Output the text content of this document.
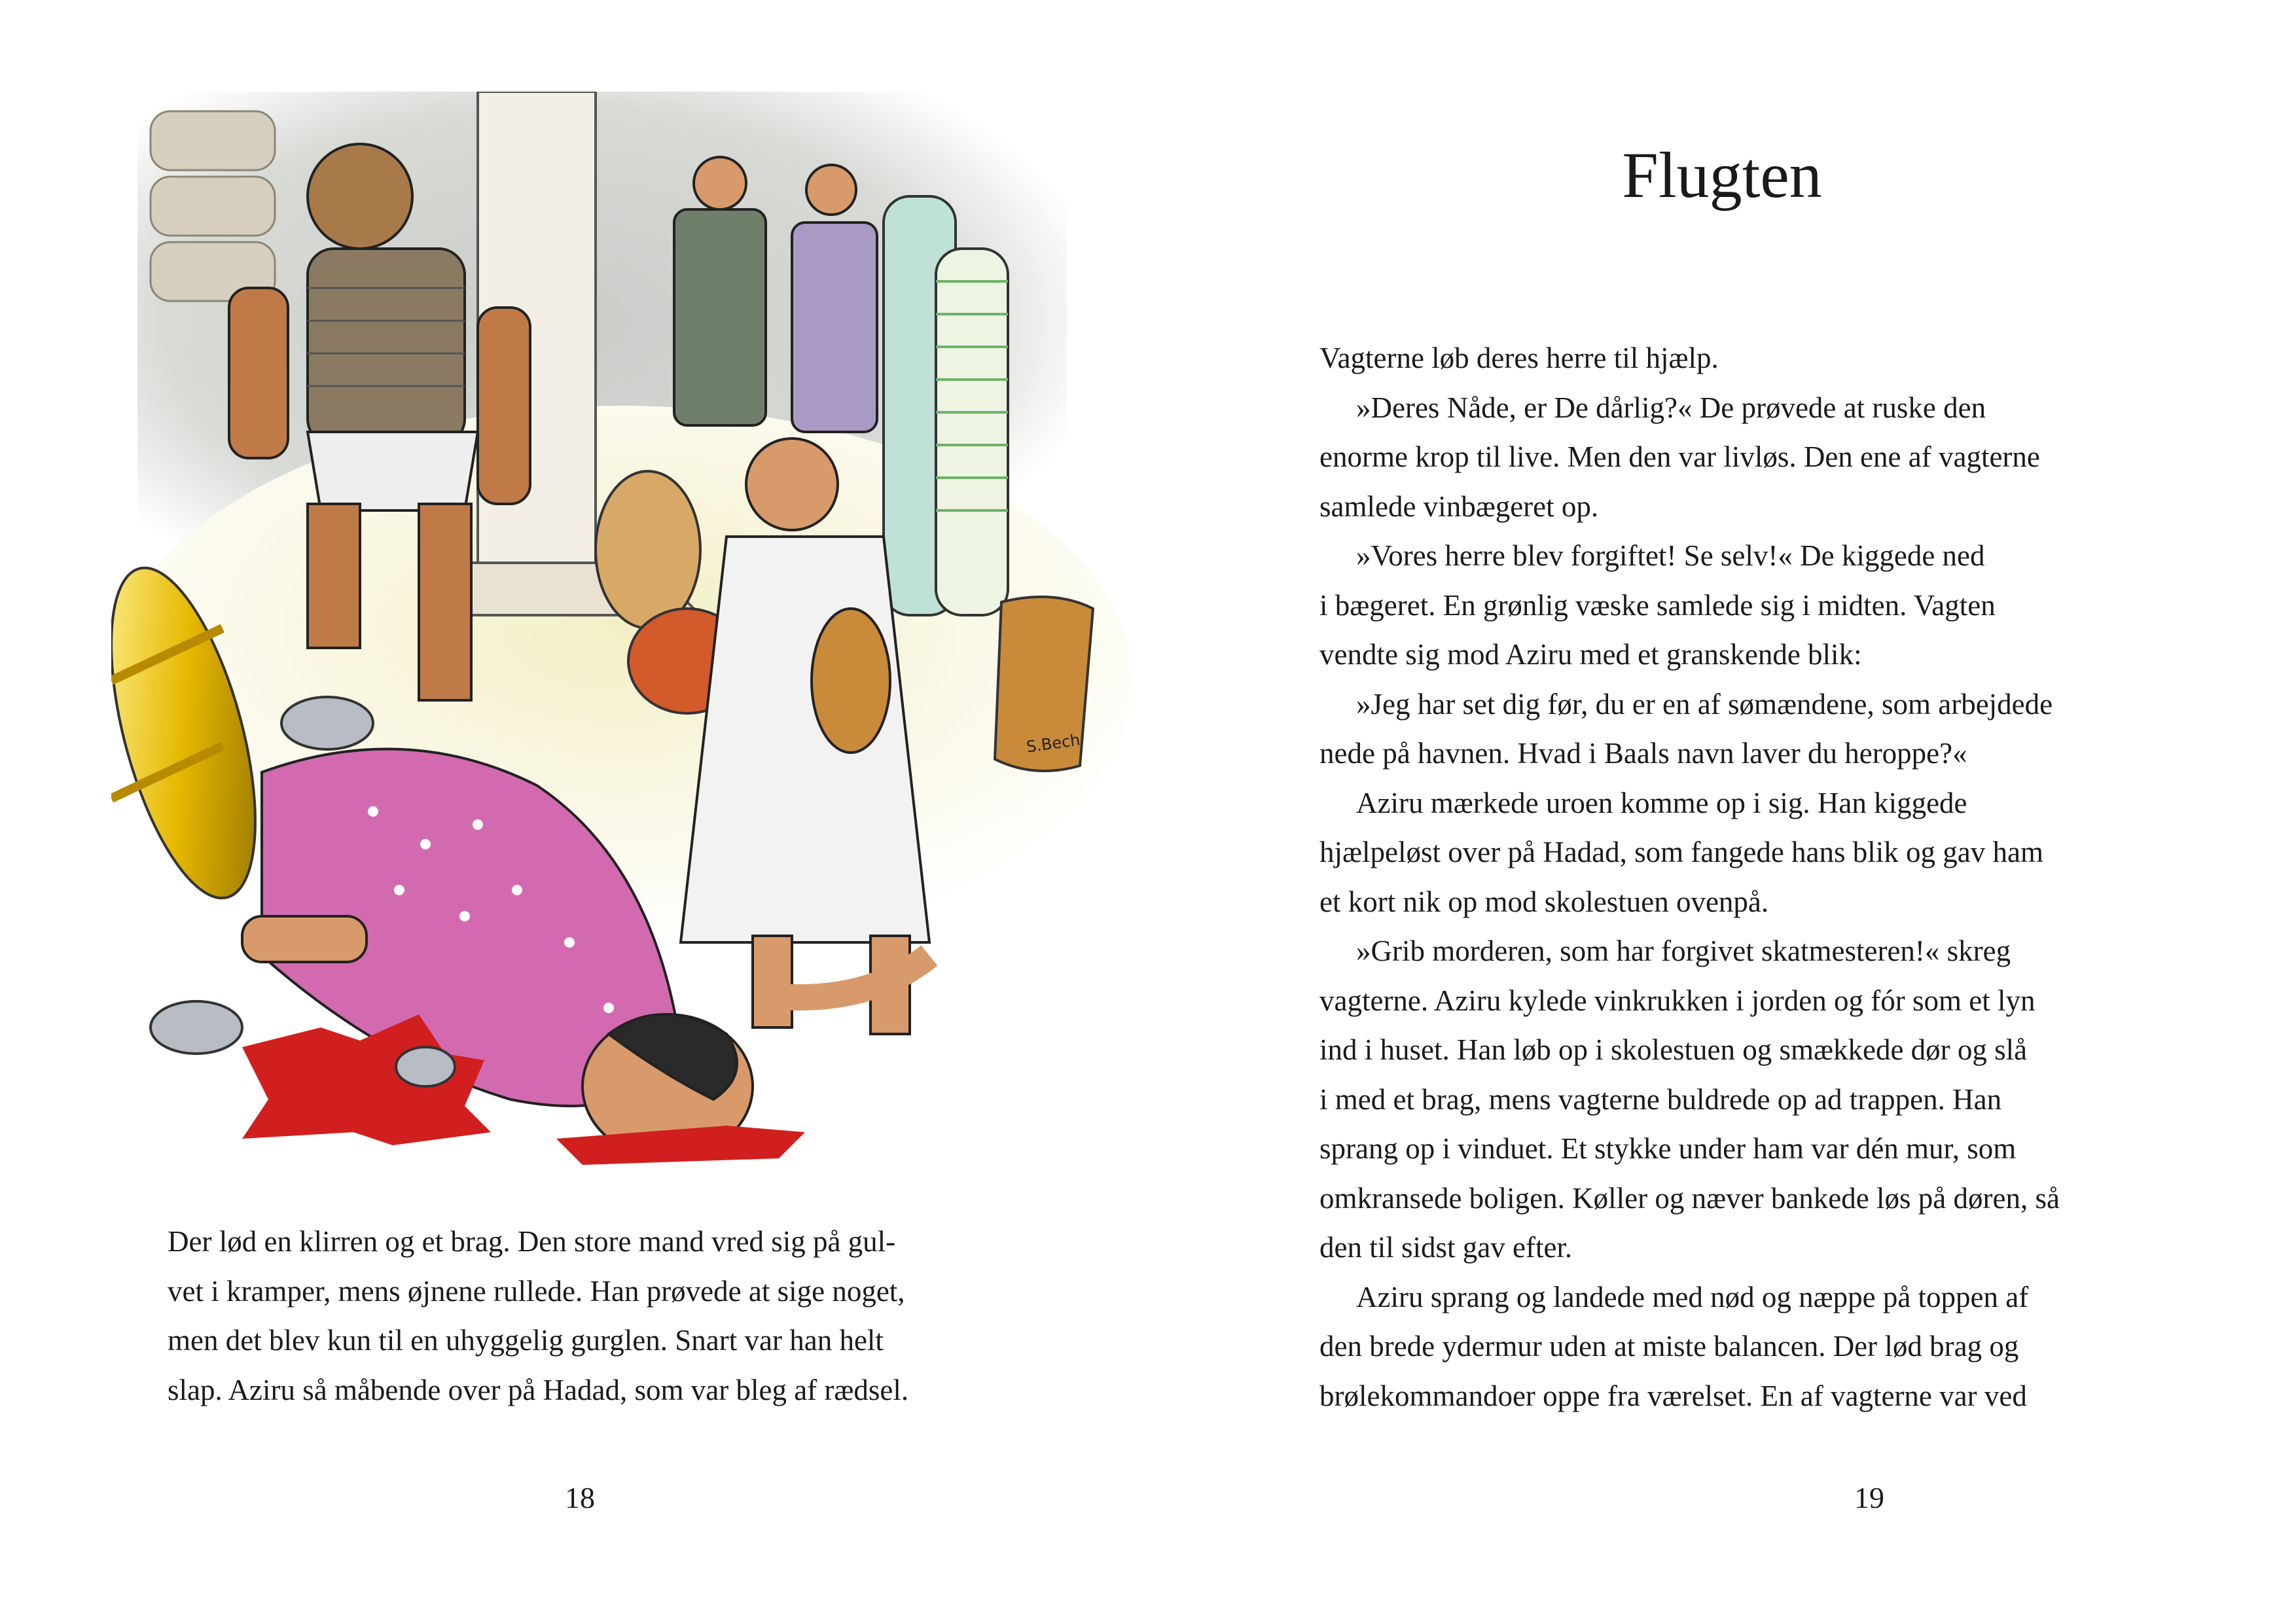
S.Bech

Der lød en klirren og et brag. Den store mand vred sig på gul-

vet i kramper, mens øjnene rullede. Han prøvede at sige noget,

men det blev kun til en uhyggelig gurglen. Snart var han helt

slap. Aziru så måbende over på Hadad, som var bleg af rædsel.

18
Flugten

Vagterne løb deres herre til hjælp.

»Deres Nåde, er De dårlig?« De prøvede at ruske den

enorme krop til live. Men den var livløs. Den ene af vagterne

samlede vinbægeret op.

»Vores herre blev forgiftet! Se selv!« De kiggede ned

i bægeret. En grønlig væske samlede sig i midten. Vagten

vendte sig mod Aziru med et granskende blik:

»Jeg har set dig før, du er en af sømændene, som arbejdede

nede på havnen. Hvad i Baals navn laver du heroppe?«

Aziru mærkede uroen komme op i sig. Han kiggede

hjælpeløst over på Hadad, som fangede hans blik og gav ham

et kort nik op mod skolestuen ovenpå.

»Grib morderen, som har forgivet skatmesteren!« skreg

vagterne. Aziru kylede vinkrukken i jorden og fór som et lyn

ind i huset. Han løb op i skolestuen og smækkede dør og slå

i med et brag, mens vagterne buldrede op ad trappen. Han

sprang op i vinduet. Et stykke under ham var dén mur, som

omkransede boligen. Køller og næver bankede løs på døren, så

den til sidst gav efter.

Aziru sprang og landede med nød og næppe på toppen af

den brede ydermur uden at miste balancen. Der lød brag og

brølekommandoer oppe fra værelset. En af vagterne var ved

19
